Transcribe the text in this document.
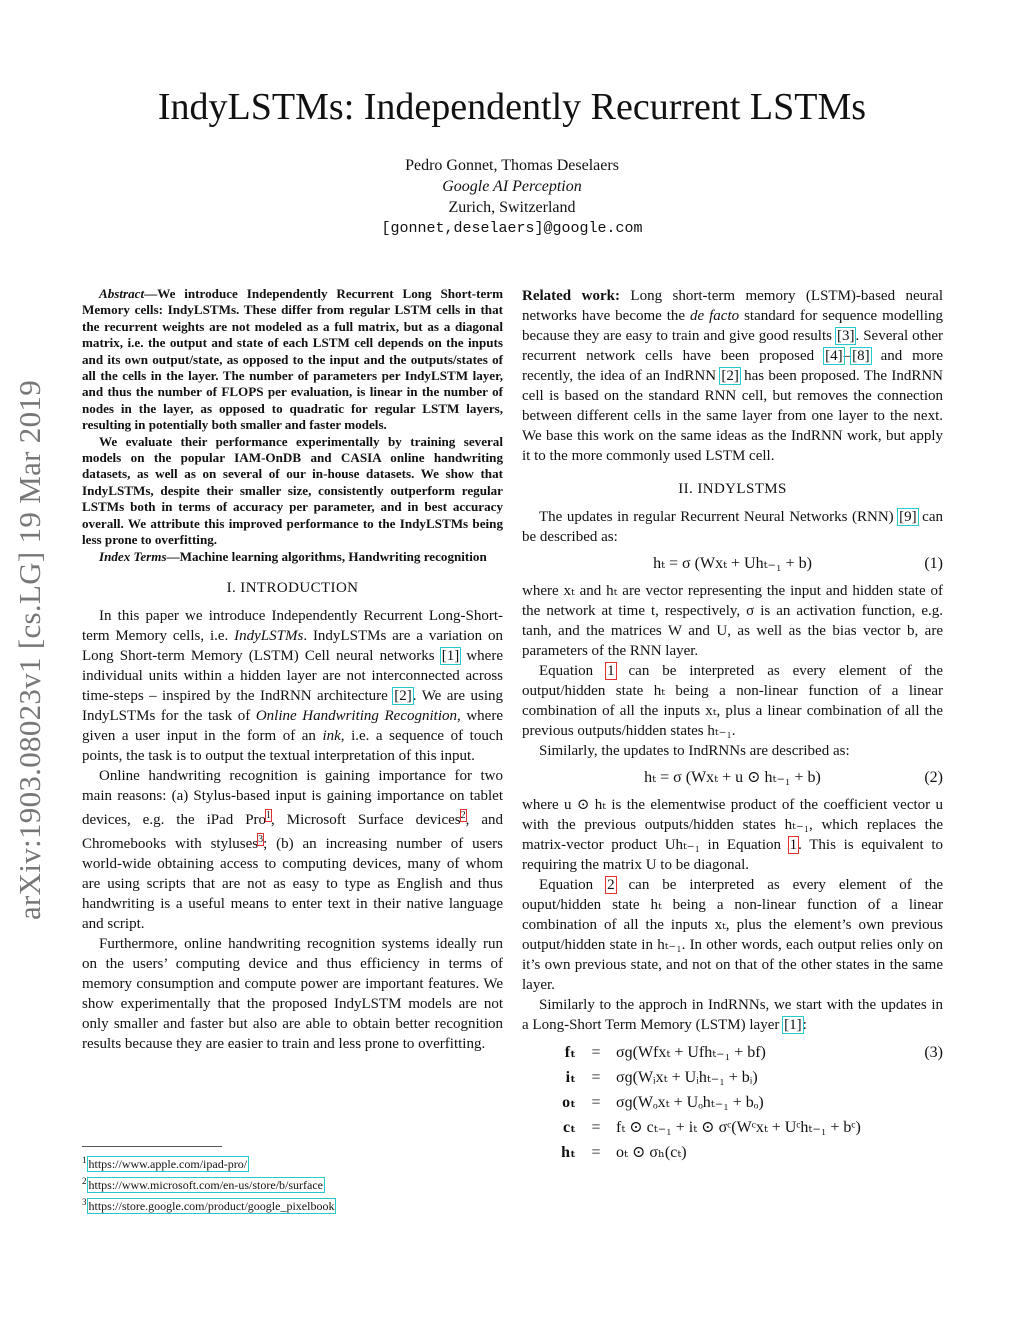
IndyLSTMs: Independently Recurrent LSTMs
Pedro Gonnet, Thomas Deselaers
Google AI Perception
Zurich, Switzerland
[gonnet,deselaers]@google.com
arXiv:1903.08023v1 [cs.LG] 19 Mar 2019

Abstract—We introduce Independently Recurrent Long Short-term Memory cells: IndyLSTMs. These differ from regular LSTM cells in that the recurrent weights are not modeled as a full matrix, but as a diagonal matrix, i.e. the output and state of each LSTM cell depends on the inputs and its own output/state, as opposed to the input and the outputs/states of all the cells in the layer. The number of parameters per IndyLSTM layer, and thus the number of FLOPS per evaluation, is linear in the number of nodes in the layer, as opposed to quadratic for regular LSTM layers, resulting in potentially both smaller and faster models.

We evaluate their performance experimentally by training several models on the popular IAM-OnDB and CASIA online handwriting datasets, as well as on several of our in-house datasets. We show that IndyLSTMs, despite their smaller size, consistently outperform regular LSTMs both in terms of accuracy per parameter, and in best accuracy overall. We attribute this improved performance to the IndyLSTMs being less prone to overfitting.

Index Terms—Machine learning algorithms, Handwriting recognition

I. INTRODUCTION

In this paper we introduce Independently Recurrent Long-Short-term Memory cells, i.e. IndyLSTMs. IndyLSTMs are a variation on Long Short-term Memory (LSTM) Cell neural networks [1] where individual units within a hidden layer are not interconnected across time-steps – inspired by the IndRNN architecture [2]. We are using IndyLSTMs for the task of Online Handwriting Recognition, where given a user input in the form of an ink, i.e. a sequence of touch points, the task is to output the textual interpretation of this input.

Online handwriting recognition is gaining importance for two main reasons: (a) Stylus-based input is gaining importance on tablet devices, e.g. the iPad Pro$^1$, Microsoft Surface devices$^2$, and Chromebooks with styluses$^3$; (b) an increasing number of users world-wide obtaining access to computing devices, many of whom are using scripts that are not as easy to type as English and thus handwriting is a useful means to enter text in their native language and script.

Furthermore, online handwriting recognition systems ideally run on the users’ computing device and thus efficiency in terms of memory consumption and compute power are important features. We show experimentally that the proposed IndyLSTM models are not only smaller and faster but also are able to obtain better recognition results because they are easier to train and less prone to overfitting.

$^1$ https://www.apple.com/ipad-pro/
$^2$ https://www.microsoft.com/en-us/store/b/surface
$^3$ https://store.google.com/product/google_pixelbook

Related work: Long short-term memory (LSTM)-based neural networks have become the de facto standard for sequence modelling because they are easy to train and give good results [3]. Several other recurrent network cells have been proposed [4]–[8] and more recently, the idea of an IndRNN [2] has been proposed. The IndRNN cell is based on the standard RNN cell, but removes the connection between different cells in the same layer from one layer to the next. We base this work on the same ideas as the IndRNN work, but apply it to the more commonly used LSTM cell.

II. INDYLSTMS

The updates in regular Recurrent Neural Networks (RNN) [9] can be described as:

hₜ = σ (Wxₜ + Uhₜ₋₁ + b)	(1)

where xₜ and hₜ are vector representing the input and hidden state of the network at time t, respectively, σ is an activation function, e.g. tanh, and the matrices W and U, as well as the bias vector b, are parameters of the RNN layer.

Equation 1 can be interpreted as every element of the output/hidden state hₜ being a non-linear function of a linear combination of all the inputs xₜ, plus a linear combination of all the previous outputs/hidden states hₜ₋₁.

Similarly, the updates to IndRNNs are described as:

hₜ = σ (Wxₜ + u ⊙ hₜ₋₁ + b)	(2)

where u ⊙ hₜ is the elementwise product of the coefficient vector u with the previous outputs/hidden states hₜ₋₁, which replaces the matrix-vector product Uhₜ₋₁ in Equation 1. This is equivalent to requiring the matrix U to be diagonal.

Equation 2 can be interpreted as every element of the ouput/hidden state hₜ being a non-linear function of a linear combination of all the inputs xₜ, plus the element’s own previous output/hidden state in hₜ₋₁. In other words, each output relies only on it’s own previous state, and not on that of the other states in the same layer.

Similarly to the approch in IndRNNs, we start with the updates in a Long-Short Term Memory (LSTM) layer [1]:

fₜ = σɡ(Wfxₜ + Ufhₜ₋₁ + bf)	(3)
iₜ = σɡ(Wᵢxₜ + Uᵢhₜ₋₁ + bᵢ)
oₜ = σɡ(Wₒxₜ + Uₒhₜ₋₁ + bₒ)
cₜ = fₜ ⊙ cₜ₋₁ + iₜ ⊙ σᶜ(Wᶜxₜ + Uᶜhₜ₋₁ + bᶜ)
hₜ = oₜ ⊙ σₕ(cₜ)
